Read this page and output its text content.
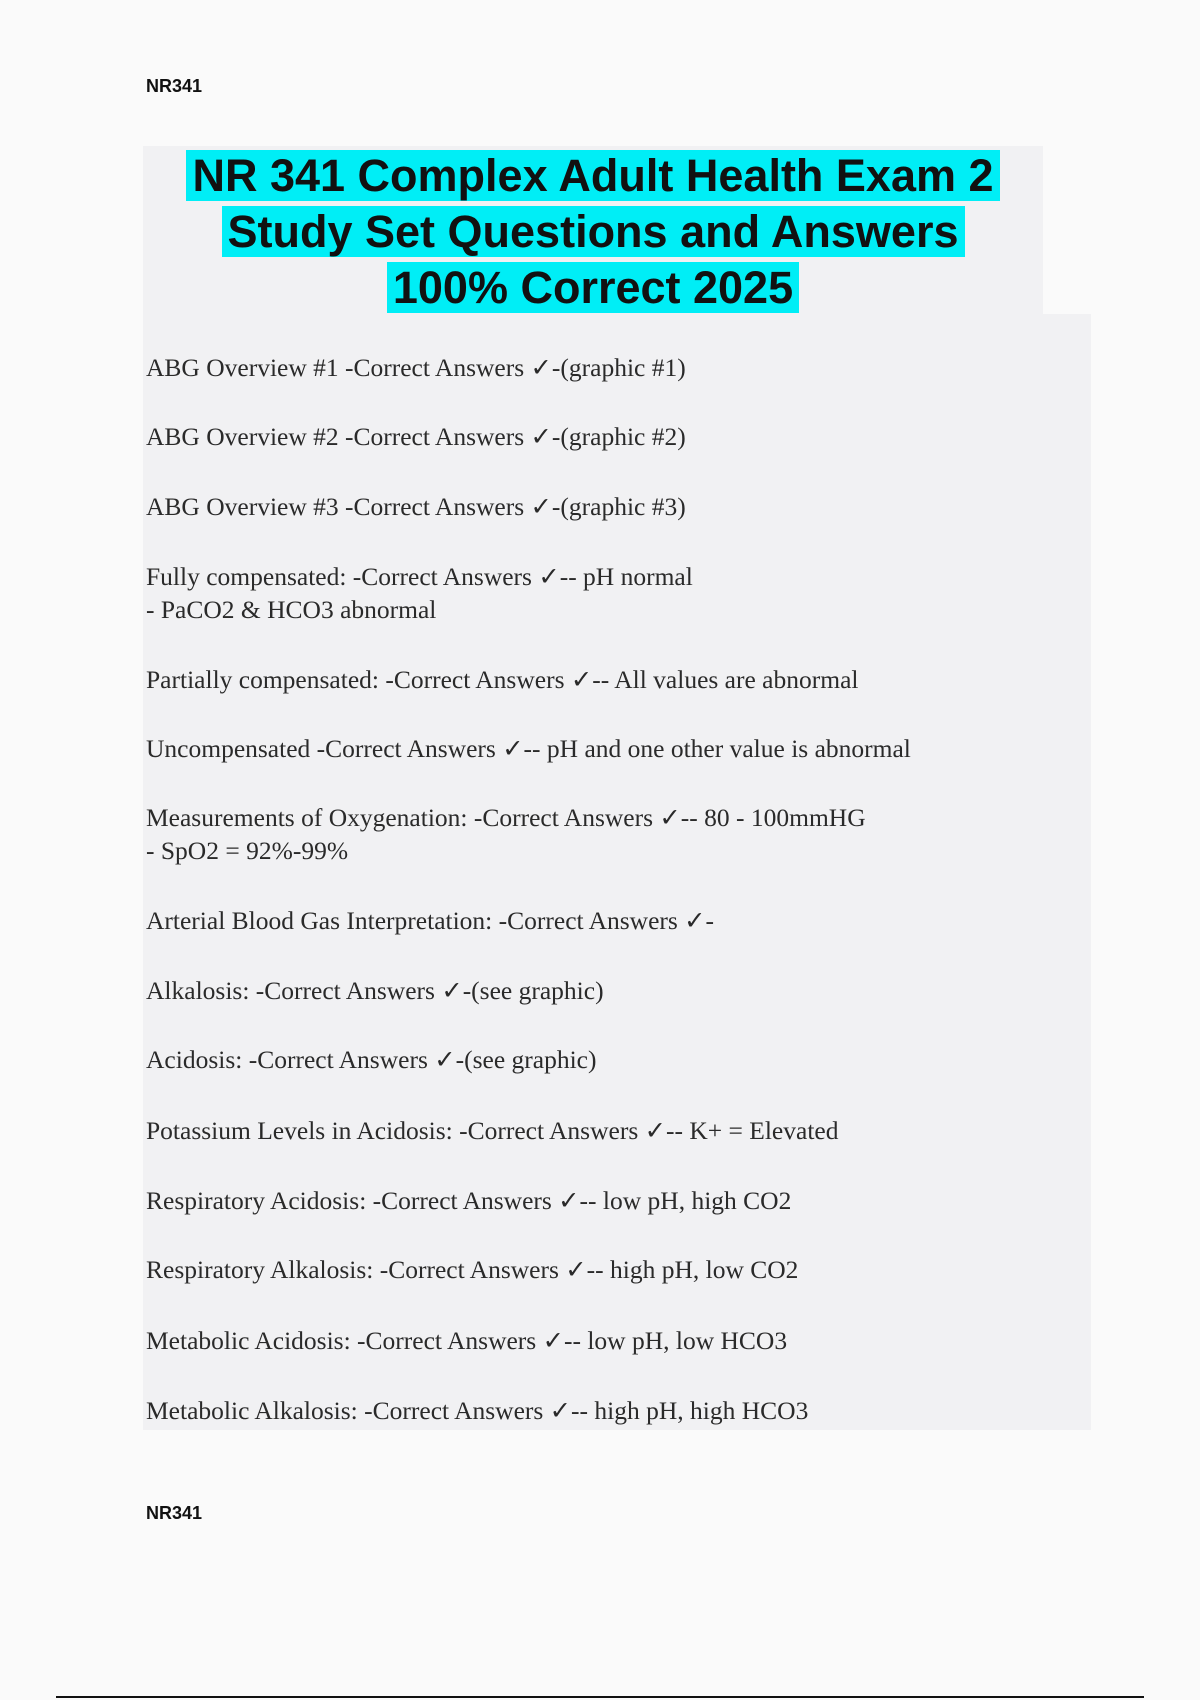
NR341
NR 341 Complex Adult Health Exam 2
Study Set Questions and Answers
100% Correct 2025
ABG Overview #1 -Correct Answers ✓-(graphic #1)
ABG Overview #2 -Correct Answers ✓-(graphic #2)
ABG Overview #3 -Correct Answers ✓-(graphic #3)
Fully compensated: -Correct Answers ✓-- pH normal
- PaCO2 & HCO3 abnormal
Partially compensated: -Correct Answers ✓-- All values are abnormal
Uncompensated -Correct Answers ✓-- pH and one other value is abnormal
Measurements of Oxygenation: -Correct Answers ✓-- 80 - 100mmHG
- SpO2 = 92%-99%
Arterial Blood Gas Interpretation: -Correct Answers ✓-
Alkalosis: -Correct Answers ✓-(see graphic)
Acidosis: -Correct Answers ✓-(see graphic)
Potassium Levels in Acidosis: -Correct Answers ✓-- K+ = Elevated
Respiratory Acidosis: -Correct Answers ✓-- low pH, high CO2
Respiratory Alkalosis: -Correct Answers ✓-- high pH, low CO2
Metabolic Acidosis: -Correct Answers ✓-- low pH, low HCO3
Metabolic Alkalosis: -Correct Answers ✓-- high pH, high HCO3
NR341
